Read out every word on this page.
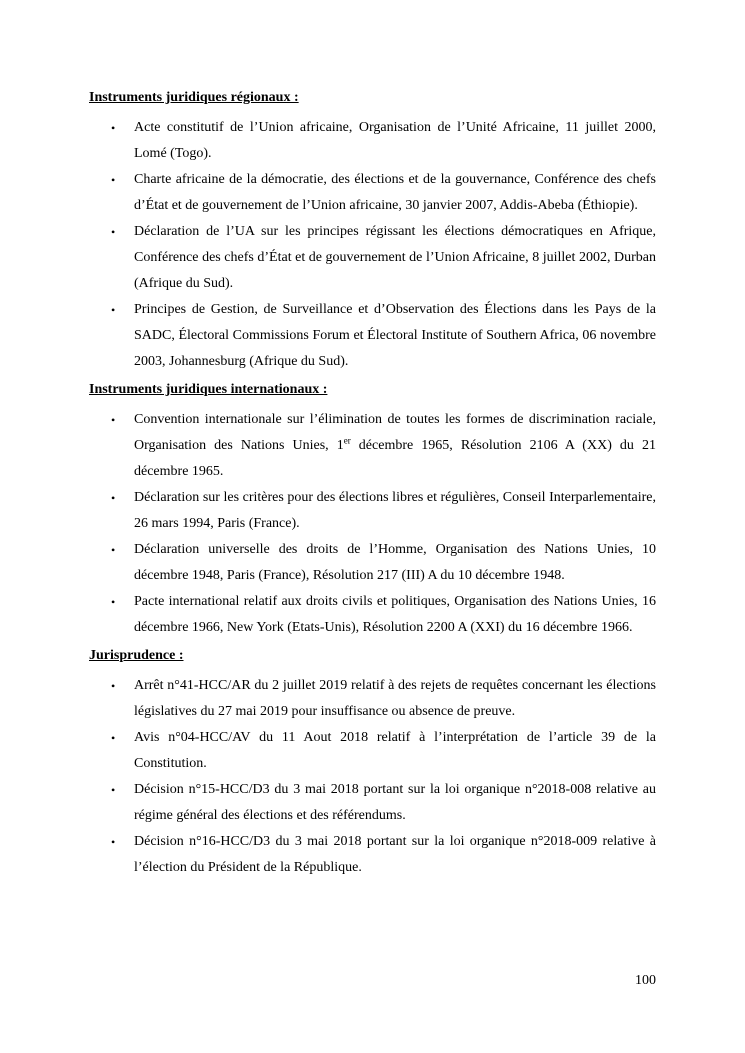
Instruments juridiques régionaux :

• Acte constitutif de l’Union africaine, Organisation de l’Unité Africaine, 11 juillet 2000, Lomé (Togo).
• Charte africaine de la démocratie, des élections et de la gouvernance, Conférence des chefs d’État et de gouvernement de l’Union africaine, 30 janvier 2007, Addis-Abeba (Éthiopie).
• Déclaration de l’UA sur les principes régissant les élections démocratiques en Afrique, Conférence des chefs d’État et de gouvernement de l’Union Africaine, 8 juillet 2002, Durban (Afrique du Sud).
• Principes de Gestion, de Surveillance et d’Observation des Élections dans les Pays de la SADC, Électoral Commissions Forum et Électoral Institute of Southern Africa, 06 novembre 2003, Johannesburg (Afrique du Sud).

Instruments juridiques internationaux :

• Convention internationale sur l’élimination de toutes les formes de discrimination raciale, Organisation des Nations Unies, 1er décembre 1965, Résolution 2106 A (XX) du 21 décembre 1965.
• Déclaration sur les critères pour des élections libres et régulières, Conseil Interparlementaire, 26 mars 1994, Paris (France).
• Déclaration universelle des droits de l’Homme, Organisation des Nations Unies, 10 décembre 1948, Paris (France), Résolution 217 (III) A du 10 décembre 1948.
• Pacte international relatif aux droits civils et politiques, Organisation des Nations Unies, 16 décembre 1966, New York (Etats-Unis), Résolution 2200 A (XXI) du 16 décembre 1966.

Jurisprudence :

• Arrêt n°41-HCC/AR du 2 juillet 2019 relatif à des rejets de requêtes concernant les élections législatives du 27 mai 2019 pour insuffisance ou absence de preuve.
• Avis n°04-HCC/AV du 11 Aout 2018 relatif à l’interprétation de l’article 39 de la Constitution.
• Décision n°15-HCC/D3 du 3 mai 2018 portant sur la loi organique n°2018-008 relative au régime général des élections et des référendums.
• Décision n°16-HCC/D3 du 3 mai 2018 portant sur la loi organique n°2018-009 relative à l’élection du Président de la République.
100
